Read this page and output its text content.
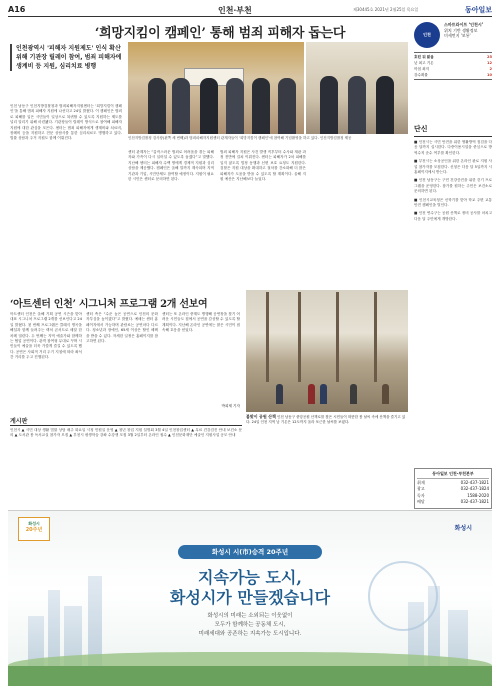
A16	인천·부천	제30445호 2021년 2월25일 목요일	동아일보
‘희망지킴이 캠페인’ 통해 범죄 피해자 돕는다
인천광역시 '피해자 지원제도' 인식 확산위해 기관장 릴레이 참여, 범죄 피해자에 생계비 등 지원, 심리치료 병행
인천지방검찰청 검사장(왼쪽 세 번째)과 범죄피해자지원센터 관계자들이 ‘희망지킴이 캠페인’에 참여해 기념촬영을 하고 있다. 인천지방검찰청 제공
인천 남동구 인천지방검찰청과 범죄피해자지원센터는 ‘희망지킴이 캠페인’을 통해 범죄 피해자 지원에 나선다고 24일 밝혔다. 이 캠페인은 범죄로 피해를 입은 시민들이 일상으로 복귀할 수 있도록 지원하는 제도를 널리 알리기 위해 마련됐다. 기관장들이 릴레이 방식으로 참여해 피해자 지원에 대한 관심을 모은다. 센터는 범죄 피해자에게 생계비와 치료비, 장례비 등을 지원하고 전문 상담사를 통한 심리치료도 병행하고 있다. 법률 상담과 주거 지원도 함께 이뤄진다.
센터 관계자는 “갑작스러운 범죄로 어려움을 겪는 피해자와 가족이 다시 일어설 수 있도록 돕겠다”고 말했다. 지난해 센터는 피해자 수백 명에게 경제적 지원과 심리 상담을 제공했다. 캠페인은 올해 말까지 계속되며 지역 기관과 기업, 시민단체도 참여할 예정이다. 지원이 필요한 시민은 센터로 문의하면 된다.
범죄 피해자 지원은 사건 발생 직후부터 수사와 재판 과정 전반에 걸쳐 이뤄진다. 센터는 피해자가 2차 피해를 입지 않도록 법정 동행과 신변 보호 요청도 지원한다. 검찰은 지원 대상을 확대하고 절차를 간소화해 더 많은 피해자가 도움을 받을 수 있도록 할 계획이다. 올해 지원 예산은 지난해보다 늘었다.
인천
스마트라이프 ‘인천시’
위치 기반 생활정보
미세먼지 '보통'
흐린 뒤 맑음	25
낮 최고 기온	12
아침 최저	2
강수확률	10
단신
■ 인천시는 시민 안전을 위한 생활방역 점검을 다음 달까지 실시한다. 다중이용시설을 중심으로 방역수칙 준수 여부를 확인한다.
■ 부천시는 소상공인을 위한 온라인 판로 지원 사업 참가자를 모집한다. 신청은 다음 달 5일까지 시 홈페이지에서 받는다.
■ 인천 남동구는 구민 건강증진을 위한 걷기 프로그램을 운영한다. 참가를 원하는 주민은 보건소로 문의하면 된다.
■ 인천시교육청은 신학기를 맞아 학교 주변 교통안전 캠페인을 벌인다.
■ 인천 연수구는 공원 산책로 정비 공사를 마치고 다음 달 주민에게 개방한다.
‘아트센터 인천’ 시그니처 프로그램 2개 선보여
아트센터 인천은 올해 기획 공연 시즌을 맞아 대표 시그니처 프로그램 2개를 선보인다고 24일 밝혔다. 첫 번째 프로그램은 클래식 명곡을 해설과 함께 들려주는 렉처 콘서트로 매달 한 차례 열린다. 두 번째는 지역 예술가와 함께하는 협업 공연이다. 관객 참여형 무대로 꾸며 시민들이 예술을 더욱 가깝게 즐길 수 있도록 했다. 공연은 사회적 거리 두기 지침에 따라 좌석 간 거리를 두고 진행된다.
센터 측은 “수준 높은 공연으로 인천의 문화 자부심을 높이겠다”고 밝혔다. 예매는 센터 홈페이지에서 가능하며 관람료는 공연마다 다르다. 청소년과 장애인, 65세 이상은 할인 혜택을 받을 수 있다. 자세한 일정은 홈페이지를 참고하면 된다.
센터는 또 온라인 중계도 병행해 공연장을 찾기 어려운 시민들도 집에서 공연을 감상할 수 있도록 할 계획이다. 지난해 온라인 공연에는 많은 시민이 접속해 호응을 얻었다.
박희제 기자
봄맞이 공원 산책 인천 남동구 중앙공원 산책로를 찾은 시민들이 따뜻한 봄 날씨 속에 산책을 즐기고 있다. 24일 인천 지역 낮 기온은 12도까지 올라 포근한 날씨를 보였다.
게시판
인천시 ▲ 시민 대상 생활 법률 상담 매주 화요일 시청 민원실 운영 ▲ 청년 창업 지원 설명회 3월 4일 인천창업센터 ▲ 무료 건강검진 안내 보건소 문의 ▲ 도서관 봄 독서교실 참가자 모집 ▲ 부천시 평생학습 강좌 수강생 모집 3월 2일부터 온라인 접수 ▲ 인천문화재단 예술인 지원사업 공모 안내
동아일보 인천·부천본부
취재	032-437-1821
광고	032-437-1824
독자	1588-2020
배달	032-437-1821
화성시
20주년	화성시
화성시 시(市)승격 20주년
지속가능 도시,
화성시가 만들겠습니다
화성시의 미래는 소외되는 이웃없이
모두가 함께하는 공동체 도시,
미래세대와 공존하는 지속가능 도시입니다.
